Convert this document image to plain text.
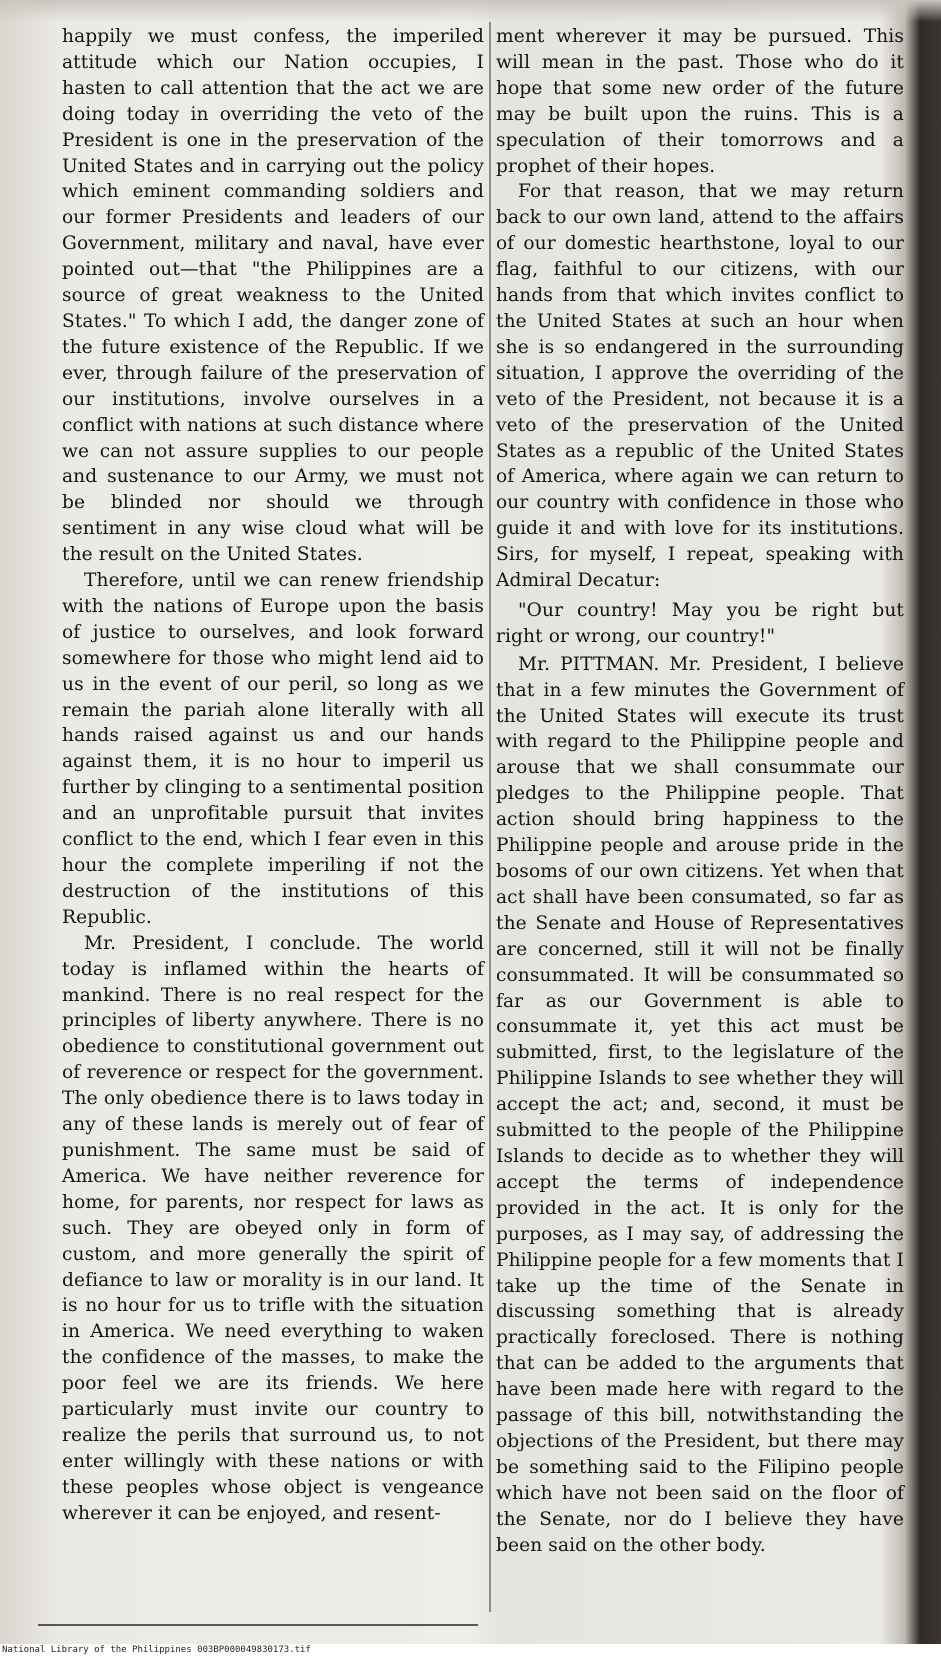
happily we must confess, the imperiled attitude which our Nation occupies, I hasten to call attention that the act we are doing today in overriding the veto of the President is one in the preservation of the United States and in carrying out the policy which eminent commanding soldiers and our former Presidents and leaders of our Government, military and naval, have ever pointed out—that "the Philippines are a source of great weakness to the United States." To which I add, the danger zone of the future existence of the Republic. If we ever, through failure of the preservation of our institutions, involve ourselves in a conflict with nations at such distance where we can not assure supplies to our people and sustenance to our Army, we must not be blinded nor should we through sentiment in any wise cloud what will be the result on the United States.

Therefore, until we can renew friendship with the nations of Europe upon the basis of justice to ourselves, and look forward somewhere for those who might lend aid to us in the event of our peril, so long as we remain the pariah alone literally with all hands raised against us and our hands against them, it is no hour to imperil us further by clinging to a sentimental position and an unprofitable pursuit that invites conflict to the end, which I fear even in this hour the complete imperiling if not the destruction of the institutions of this Republic.

Mr. President, I conclude. The world today is inflamed within the hearts of mankind. There is no real respect for the principles of liberty anywhere. There is no obedience to constitutional government out of reverence or respect for the government. The only obedience there is to laws today in any of these lands is merely out of fear of punishment. The same must be said of America. We have neither reverence for home, for parents, nor respect for laws as such. They are obeyed only in form of custom, and more generally the spirit of defiance to law or morality is in our land. It is no hour for us to trifle with the situation in America. We need everything to waken the confidence of the masses, to make the poor feel we are its friends. We here particularly must invite our country to realize the perils that surround us, to not enter willingly with these nations or with these peoples whose object is vengeance wherever it can be enjoyed, and resent-

ment wherever it may be pursued. This will mean in the past. Those who do it hope that some new order of the future may be built upon the ruins. This is a speculation of their tomorrows and a prophet of their hopes.

For that reason, that we may return back to our own land, attend to the affairs of our domestic hearthstone, loyal to our flag, faithful to our citizens, with our hands from that which invites conflict to the United States at such an hour when she is so endangered in the surrounding situation, I approve the overriding of the veto of the President, not because it is a veto of the preservation of the United States as a republic of the United States of America, where again we can return to our country with confidence in those who guide it and with love for its institutions. Sirs, for myself, I repeat, speaking with Admiral Decatur:

"Our country! May you be right but right or wrong, our country!"

Mr. PITTMAN. Mr. President, I believe that in a few minutes the Government of the United States will execute its trust with regard to the Philippine people and arouse that we shall consummate our pledges to the Philippine people. That action should bring happiness to the Philippine people and arouse pride in the bosoms of our own citizens. Yet when that act shall have been consumated, so far as the Senate and House of Representatives are concerned, still it will not be finally consummated. It will be consummated so far as our Government is able to consummate it, yet this act must be submitted, first, to the legislature of the Philippine Islands to see whether they will accept the act; and, second, it must be submitted to the people of the Philippine Islands to decide as to whether they will accept the terms of independence provided in the act. It is only for the purposes, as I may say, of addressing the Philippine people for a few moments that I take up the time of the Senate in discussing something that is already practically foreclosed. There is nothing that can be added to the arguments that have been made here with regard to the passage of this bill, notwithstanding the objections of the President, but there may be something said to the Filipino people which have not been said on the floor of the Senate, nor do I believe they have been said on the other body.

National Library of the Philippines 003BP000049830173.tif
